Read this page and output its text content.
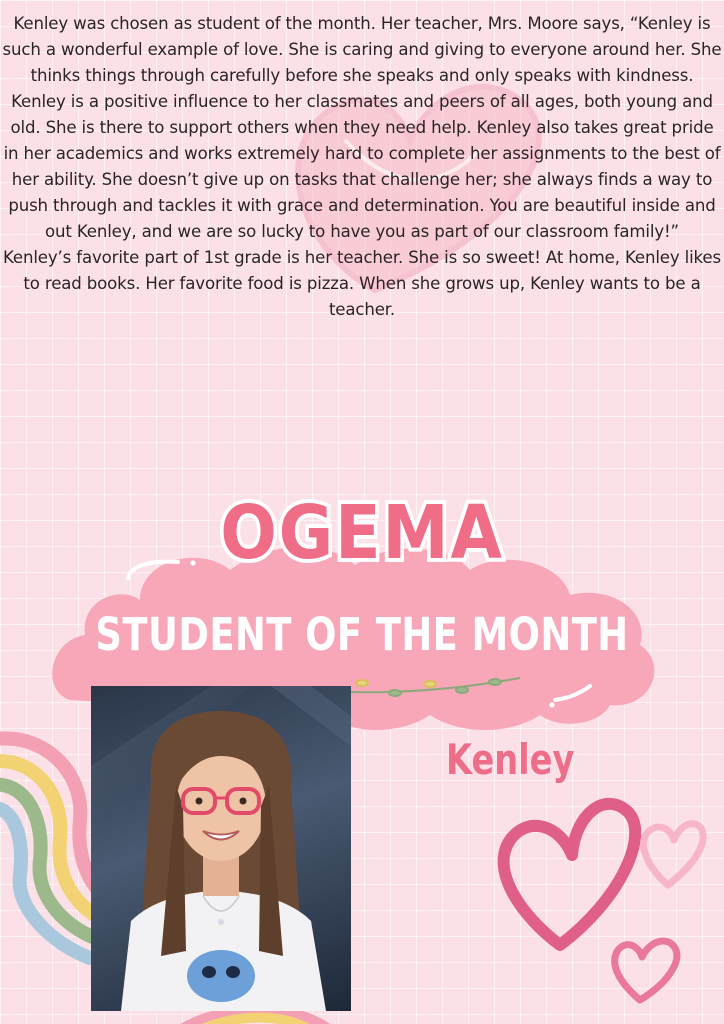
Kenley was chosen as student of the month. Her teacher, Mrs. Moore says, “Kenley is such a wonderful example of love. She is caring and giving to everyone around her. She thinks things through carefully before she speaks and only speaks with kindness. Kenley is a positive influence to her classmates and peers of all ages, both young and old. She is there to support others when they need help. Kenley also takes great pride in her academics and works extremely hard to complete her assignments to the best of her ability. She doesn’t give up on tasks that challenge her; she always finds a way to push through and tackles it with grace and determination. You are beautiful inside and out Kenley, and we are so lucky to have you as part of our classroom family!”

Kenley’s favorite part of 1st grade is her teacher. She is so sweet! At home, Kenley likes to read books. Her favorite food is pizza. When she grows up, Kenley wants to be a teacher.

OGEMA
STUDENT OF THE MONTH
Kenley
